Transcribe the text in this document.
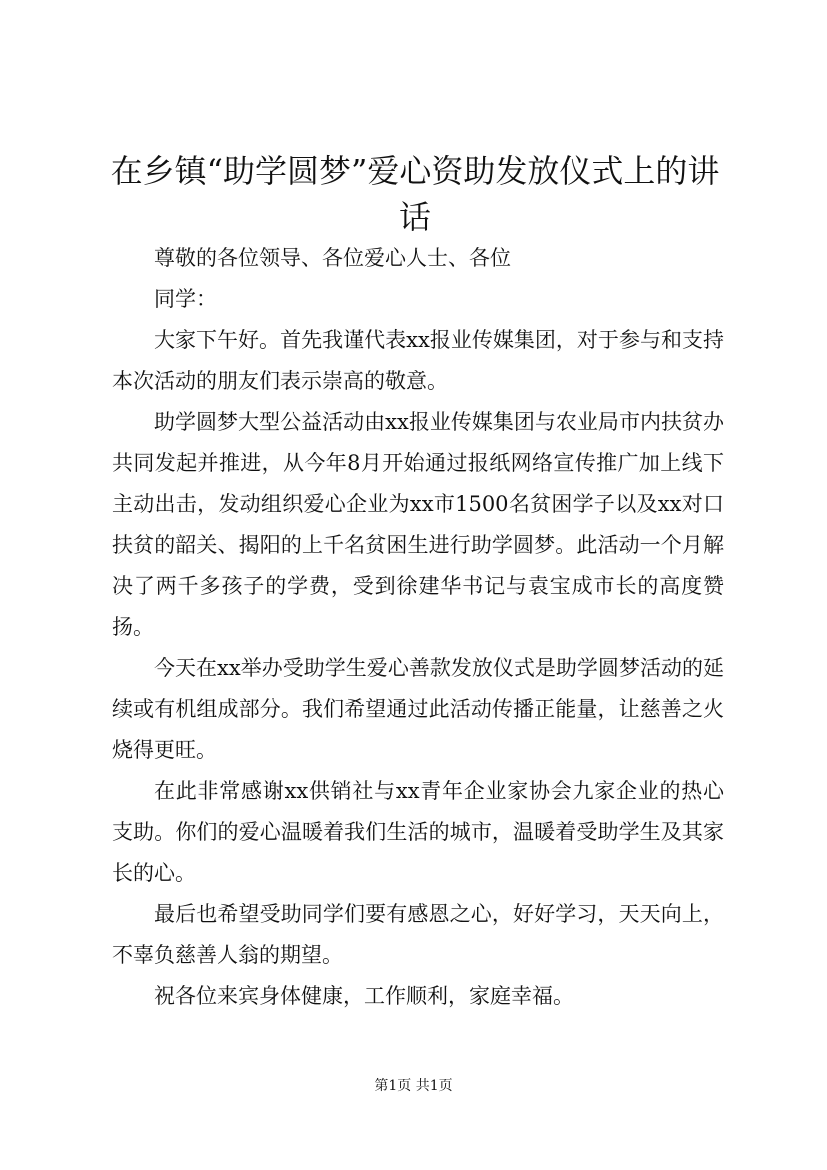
在乡镇“助学圆梦”爱心资助发放仪式上的讲话

尊敬的各位领导、各位爱心人士、各位

同学：

大家下午好。首先我谨代表xx报业传媒集团，对于参与和支持本次活动的朋友们表示崇高的敬意。

助学圆梦大型公益活动由xx报业传媒集团与农业局市内扶贫办共同发起并推进，从今年8月开始通过报纸网络宣传推广加上线下主动出击，发动组织爱心企业为xx市1500名贫困学子以及xx对口扶贫的韶关、揭阳的上千名贫困生进行助学圆梦。此活动一个月解决了两千多孩子的学费，受到徐建华书记与袁宝成市长的高度赞扬。

今天在xx举办受助学生爱心善款发放仪式是助学圆梦活动的延续或有机组成部分。我们希望通过此活动传播正能量，让慈善之火烧得更旺。

在此非常感谢xx供销社与xx青年企业家协会九家企业的热心支助。你们的爱心温暖着我们生活的城市，温暖着受助学生及其家长的心。

最后也希望受助同学们要有感恩之心，好好学习，天天向上，不辜负慈善人翁的期望。

祝各位来宾身体健康，工作顺利，家庭幸福。

第1页 共1页
